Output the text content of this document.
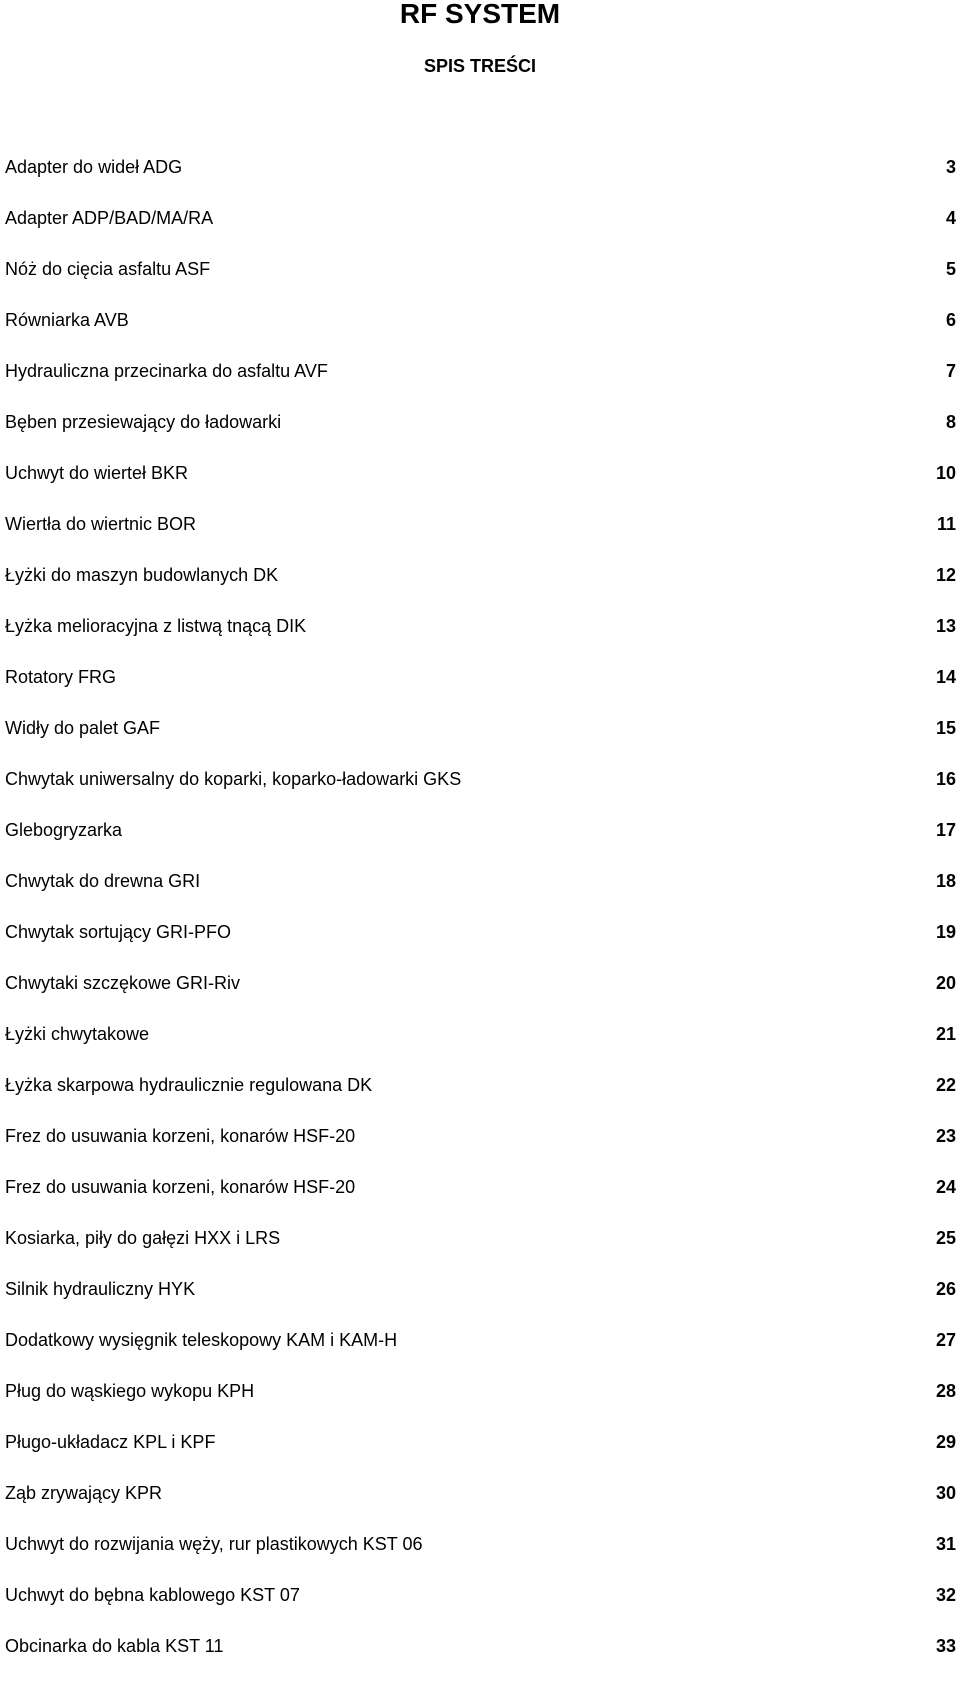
RF SYSTEM
SPIS TREŚCI
Adapter do wideł ADG	3
Adapter ADP/BAD/MA/RA	4
Nóż do cięcia asfaltu ASF	5
Równiarka AVB	6
Hydrauliczna przecinarka do asfaltu AVF	7
Bęben przesiewający do ładowarki	8
Uchwyt do wierteł BKR	10
Wiertła do wiertnic BOR	11
Łyżki do maszyn budowlanych DK	12
Łyżka melioracyjna z listwą tnącą DIK	13
Rotatory FRG	14
Widły do palet GAF	15
Chwytak uniwersalny do koparki, koparko-ładowarki GKS	16
Glebogryzarka	17
Chwytak do drewna GRI	18
Chwytak sortujący GRI-PFO	19
Chwytaki szczękowe GRI-Riv	20
Łyżki chwytakowe	21
Łyżka skarpowa hydraulicznie regulowana DK	22
Frez do usuwania korzeni, konarów HSF-20	23
Frez do usuwania korzeni, konarów HSF-20	24
Kosiarka, piły do gałęzi HXX i LRS	25
Silnik hydrauliczny HYK	26
Dodatkowy wysięgnik teleskopowy KAM i KAM-H	27
Pług do wąskiego wykopu KPH	28
Pługo-układacz KPL i KPF	29
Ząb zrywający KPR	30
Uchwyt do rozwijania węży, rur plastikowych KST 06	31
Uchwyt do bębna kablowego KST 07	32
Obcinarka do kabla KST 11	33
